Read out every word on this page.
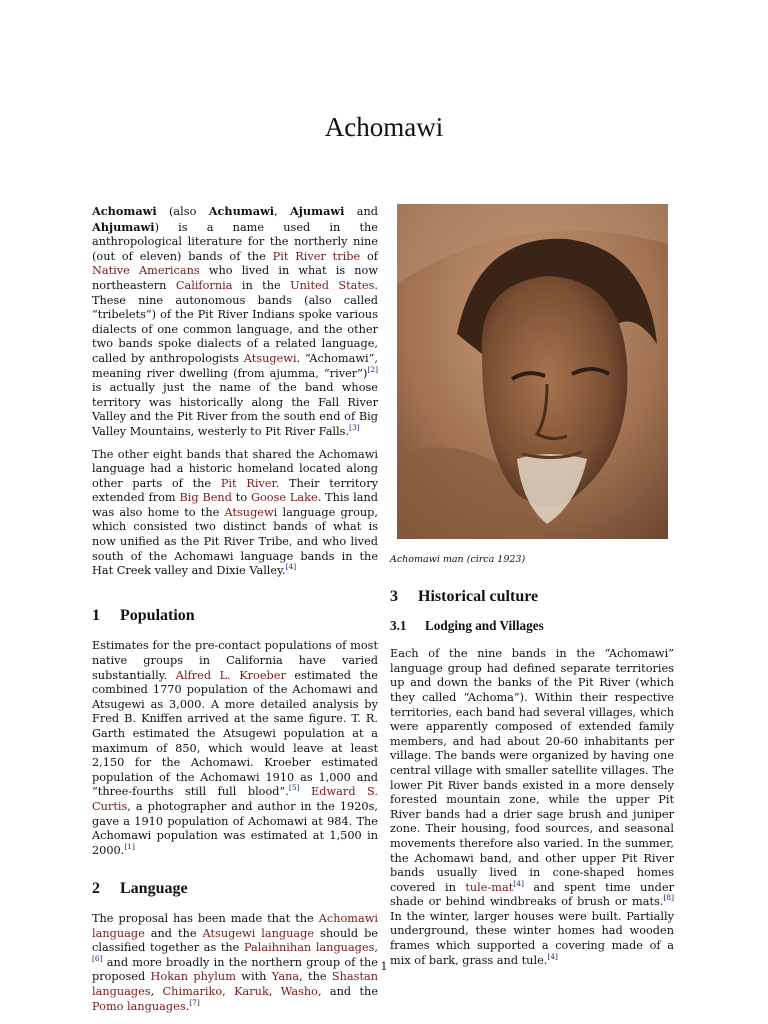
Achomawi

Achomawi (also Achumawi, Ajumawi and Ahjumawi) is a name used in the anthropological literature for the northerly nine (out of eleven) bands of the Pit River tribe of Native Americans who lived in what is now northeastern California in the United States. These nine autonomous bands (also called “tribelets”) of the Pit River Indians spoke various dialects of one common language, and the other two bands spoke dialects of a related language, called by anthropologists Atsugewi. “Achomawi”, meaning river dwelling (from ajumma, “river”)[2] is actually just the name of the band whose territory was historically along the Fall River Valley and the Pit River from the south end of Big Valley Mountains, westerly to Pit River Falls.[3]

The other eight bands that shared the Achomawi language had a historic homeland located along other parts of the Pit River. Their territory extended from Big Bend to Goose Lake. This land was also home to the Atsugewi language group, which consisted two distinct bands of what is now unified as the Pit River Tribe, and who lived south of the Achomawi language bands in the Hat Creek valley and Dixie Valley.[4]

1 Population

Estimates for the pre-contact populations of most native groups in California have varied substantially. Alfred L. Kroeber estimated the combined 1770 population of the Achomawi and Atsugewi as 3,000. A more detailed analysis by Fred B. Kniffen arrived at the same figure. T. R. Garth estimated the Atsugewi population at a maximum of 850, which would leave at least 2,150 for the Achomawi. Kroeber estimated population of the Achomawi 1910 as 1,000 and “three-fourths still full blood”.[5] Edward S. Curtis, a photographer and author in the 1920s, gave a 1910 population of Achomawi at 984. The Achomawi population was estimated at 1,500 in 2000.[1]

2 Language

The proposal has been made that the Achomawi language and the Atsugewi language should be classified together as the Palaihnihan languages,[6] and more broadly in the northern group of the proposed Hokan phylum with Yana, the Shastan languages, Chimariko, Karuk, Washo, and the Pomo languages.[7]

Achomawi man (circa 1923)
3 Historical culture
3.1 Lodging and Villages

Each of the nine bands in the “Achomawi” language group had defined separate territories up and down the banks of the Pit River (which they called “Achoma”). Within their respective territories, each band had several villages, which were apparently composed of extended family members, and had about 20-60 inhabitants per village. The bands were organized by having one central village with smaller satellite villages. The lower Pit River bands existed in a more densely forested mountain zone, while the upper Pit River bands had a drier sage brush and juniper zone. Their housing, food sources, and seasonal movements therefore also varied. In the summer, the Achomawi band, and other upper Pit River bands usually lived in cone-shaped homes covered in tule-mat[4] and spent time under shade or behind windbreaks of brush or mats.[8] In the winter, larger houses were built. Partially underground, these winter homes had wooden frames which supported a covering made of a mix of bark, grass and tule.[4]

1
